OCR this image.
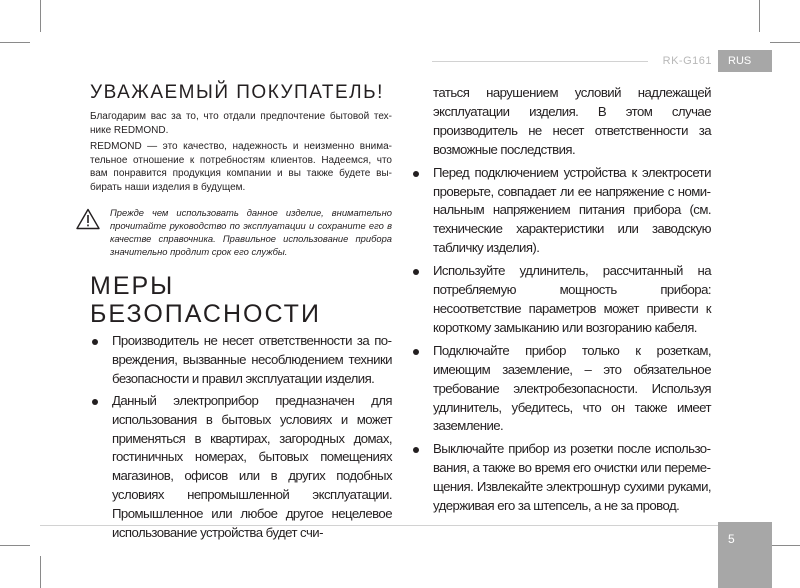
RK-G161	RUS
5
УВАЖАЕМЫЙ ПОКУПАТЕЛЬ!

Благодарим вас за то, что отдали предпочтение бытовой технике REDMOND.

REDMOND — это качество, надежность и неизменно внимательное отношение к потребностям клиентов. Надеемся, что вам понравится продукция компании и вы также будете выбирать наши изделия в будущем.

Прежде чем использовать данное изделие, внимательно прочитайте руководство по эксплуатации и сохраните его в качестве справочника. Правильное использование прибора значительно продлит срок его службы.
МЕРЫ БЕЗОПАСНОСТИ
Производитель не несет ответственности за повреждения, вызванные несоблюдением техники безопасности и правил эксплуатации изделия.
Данный электроприбор предназначен для использования в бытовых условиях и может применяться в квартирах, загородных домах, гостиничных номерах, бытовых помещениях магазинов, офисов или в других подобных условиях непромышленной эксплуатации. Промышленное или любое другое нецелевое использование устройства будет счи-

таться нарушением условий надлежащей эксплуатации изделия. В этом случае производитель не несет ответственности за возможные последствия.

Перед подключением устройства к электросети проверьте, совпадает ли ее напряжение с номинальным напряжением питания прибора (см. технические характеристики или заводскую табличку изделия).
Используйте удлинитель, рассчитанный на потребляемую мощность прибора: несоответствие параметров может привести к короткому замыканию или возгоранию кабеля.
Подключайте прибор только к розеткам, имеющим заземление, – это обязательное требование электробезопасности. Используя удлинитель, убедитесь, что он также имеет заземление.
Выключайте прибор из розетки после использования, а также во время его очистки или перемещения. Извлекайте электрошнур сухими руками, удерживая его за штепсель, а не за провод.
